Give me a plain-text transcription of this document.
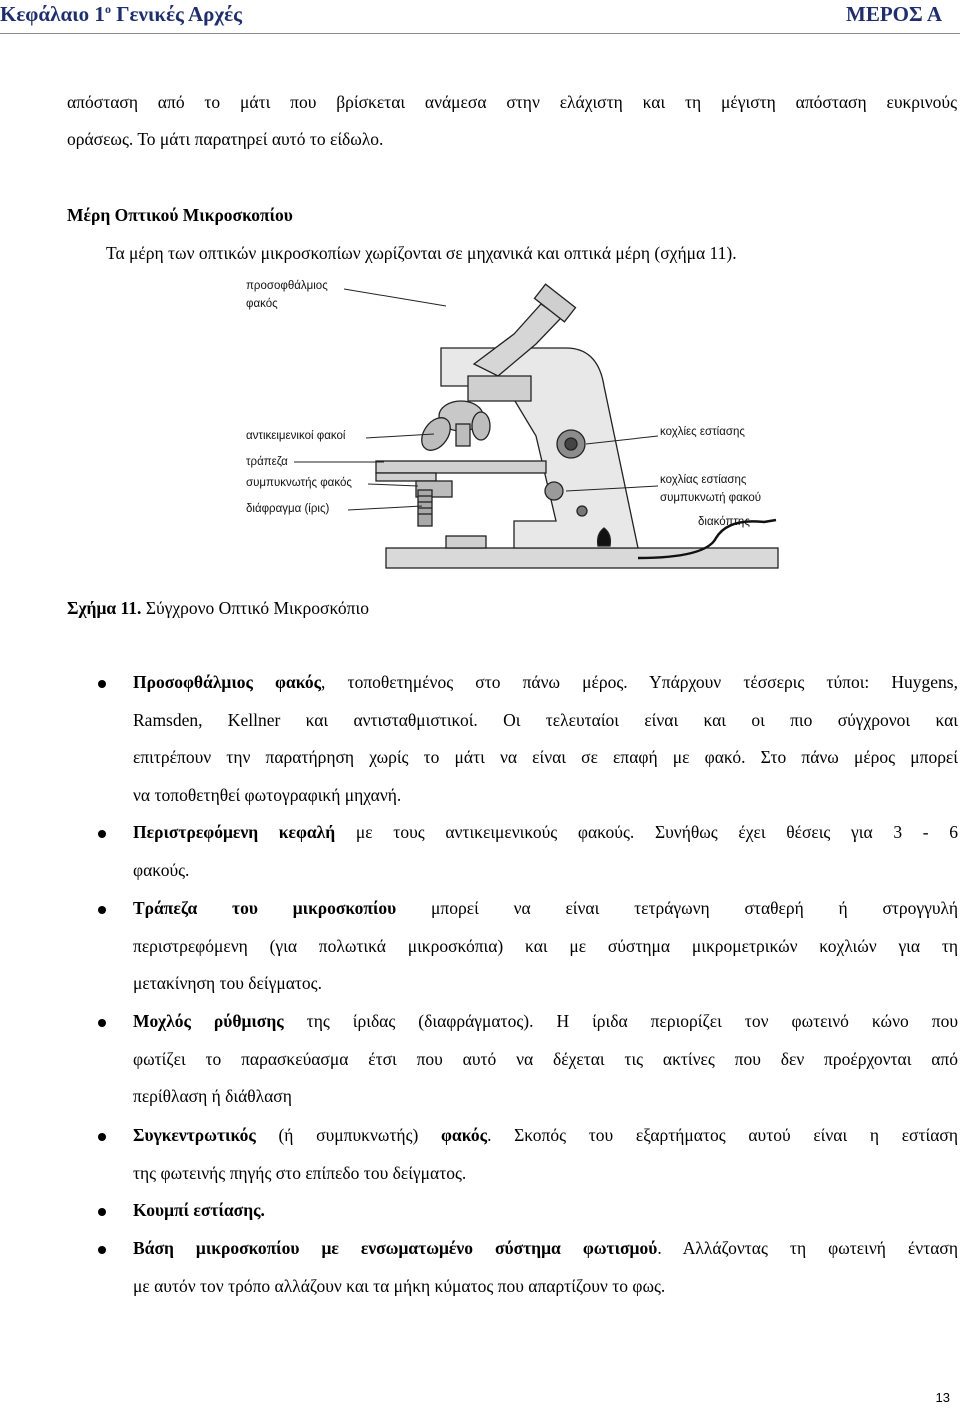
Κεφάλαιο $1^o$ Γενικές Αρχές	ΜΕΡΟΣ Α
απόσταση από το μάτι που βρίσκεται ανάμεσα στην ελάχιστη και τη μέγιστη απόσταση ευκρινούς
οράσεως. Το μάτι παρατηρεί αυτό το είδωλο.
Μέρη Οπτικού Μικροσκοπίου
Τα μέρη των οπτικών μικροσκοπίων χωρίζονται σε μηχανικά και οπτικά μέρη (σχήμα 11).
προσοφθάλμιος
φακός
αντικειμενικοί φακοί
τράπεζα
συμπυκνωτής φακός
διάφραγμα (ίρις)
κοχλίες εστίασης
κοχλίας εστίασης
συμπυκνωτή φακού
διακόπτης
Σχήμα 11. Σύγχρονο Οπτικό Μικροσκόπιο
Προσοφθάλμιος φακός, τοποθετημένος στο πάνω μέρος. Υπάρχουν τέσσερις τύποι: Huygens,
Ramsden, Kellner και αντισταθμιστικοί. Οι τελευταίοι είναι και οι πιο σύγχρονοι και
επιτρέπουν την παρατήρηση χωρίς το μάτι να είναι σε επαφή με φακό. Στο πάνω μέρος μπορεί
να τοποθετηθεί φωτογραφική μηχανή.
Περιστρεφόμενη κεφαλή με τους αντικειμενικούς φακούς. Συνήθως έχει θέσεις για 3 - 6
φακούς.
Τράπεζα του μικροσκοπίου μπορεί να είναι τετράγωνη σταθερή ή στρογγυλή
περιστρεφόμενη (για πολωτικά μικροσκόπια) και με σύστημα μικρομετρικών κοχλιών για τη
μετακίνηση του δείγματος.
Μοχλός ρύθμισης της ίριδας (διαφράγματος). Η ίριδα περιορίζει τον φωτεινό κώνο που
φωτίζει το παρασκεύασμα έτσι που αυτό να δέχεται τις ακτίνες που δεν προέρχονται από
περίθλαση ή διάθλαση
Συγκεντρωτικός (ή συμπυκνωτής) φακός. Σκοπός του εξαρτήματος αυτού είναι η εστίαση
της φωτεινής πηγής στο επίπεδο του δείγματος.
Κουμπί εστίασης.
Βάση μικροσκοπίου με ενσωματωμένο σύστημα φωτισμού. Αλλάζοντας τη φωτεινή ένταση
με αυτόν τον τρόπο αλλάζουν και τα μήκη κύματος που απαρτίζουν το φως.
13
